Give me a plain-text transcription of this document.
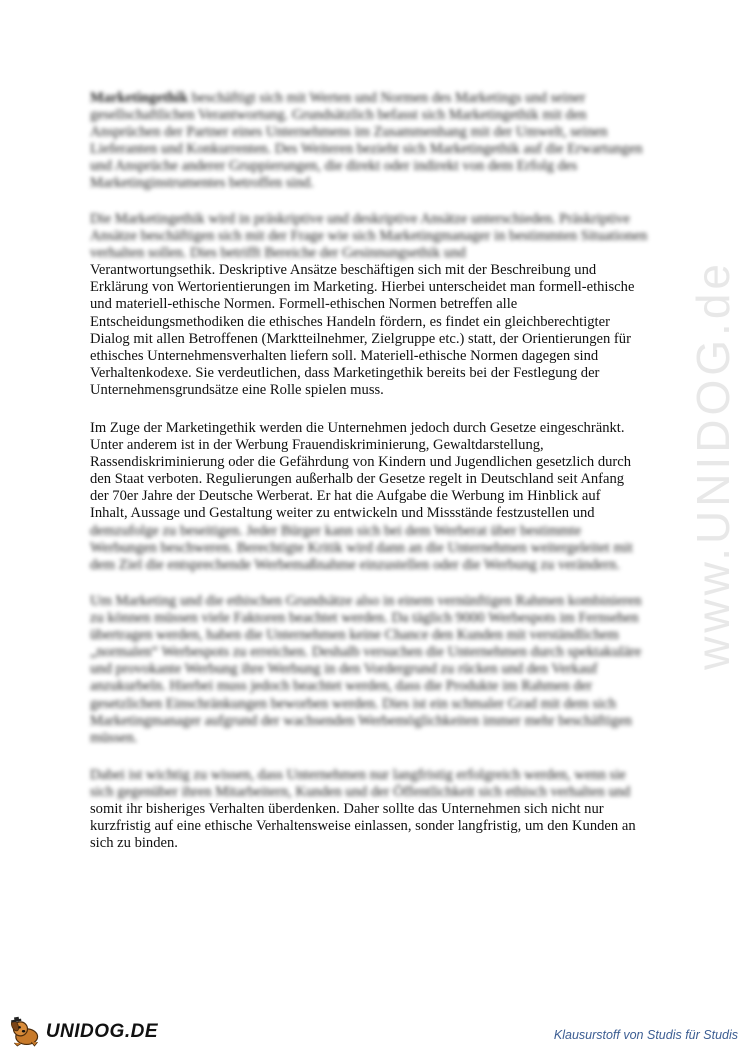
Marketingethik beschäftigt sich mit Werten und Normen des Marketings und seiner gesellschaftlichen Verantwortung. Grundsätzlich befasst sich Marketingethik mit den Ansprüchen der Partner eines Unternehmens im Zusammenhang mit der Umwelt, seinen Lieferanten und Konkurrenten. Des Weiteren bezieht sich Marketingethik auf die Erwartungen und Ansprüche anderer Gruppierungen, die direkt oder indirekt von dem Erfolg des Marketinginstrumentes betroffen sind.

Die Marketingethik wird in präskriptive und deskriptive Ansätze unterschieden. Präskriptive Ansätze beschäftigen sich mit der Frage wie sich Marketingmanager in bestimmten Situationen verhalten sollen. Dies betrifft Bereiche der Gesinnungsethik und

Verantwortungsethik. Deskriptive Ansätze beschäftigen sich mit der Beschreibung und
Erklärung von Wertorientierungen im Marketing. Hierbei unterscheidet man formell-ethische
und materiell-ethische Normen. Formell-ethischen Normen betreffen alle
Entscheidungsmethodiken die ethisches Handeln fördern, es findet ein gleichberechtigter
Dialog mit allen Betroffenen (Marktteilnehmer, Zielgruppe etc.) statt, der Orientierungen für
ethisches Unternehmensverhalten liefern soll. Materiell-ethische Normen dagegen sind
Verhaltenkodexe. Sie verdeutlichen, dass Marketingethik bereits bei der Festlegung der
Unternehmensgrundsätze eine Rolle spielen muss.
Im Zuge der Marketingethik werden die Unternehmen jedoch durch Gesetze eingeschränkt.
Unter anderem ist in der Werbung Frauendiskriminierung, Gewaltdarstellung,
Rassendiskriminierung oder die Gefährdung von Kindern und Jugendlichen gesetzlich durch
den Staat verboten. Regulierungen außerhalb der Gesetze regelt in Deutschland seit Anfang
der 70er Jahre der Deutsche Werberat. Er hat die Aufgabe die Werbung im Hinblick auf
Inhalt, Aussage und Gestaltung weiter zu entwickeln und Missstände festzustellen und
demzufolge zu beseitigen. Jeder Bürger kann sich bei dem Werberat über bestimmte
Werbungen beschweren. Berechtigte Kritik wird dann an die Unternehmen weitergeleitet mit
dem Ziel die entsprechende Werbemaßnahme einzustellen oder die Werbung zu verändern.

Um Marketing und die ethischen Grundsätze also in einem vernünftigen Rahmen kombinieren zu können müssen viele Faktoren beachtet werden. Da täglich 9000 Werbespots im Fernsehen übertragen werden, haben die Unternehmen keine Chance den Kunden mit verständlichem „normalen“ Werbespots zu erreichen. Deshalb versuchen die Unternehmen durch spektakuläre und provokante Werbung ihre Werbung in den Vordergrund zu rücken und den Verkauf anzukurbeln. Hierbei muss jedoch beachtet werden, dass die Produkte im Rahmen der gesetzlichen Einschränkungen beworben werden. Dies ist ein schmaler Grad mit dem sich Marketingmanager aufgrund der wachsenden Werbemöglichkeiten immer mehr beschäftigen müssen.

Dabei ist wichtig zu wissen, dass Unternehmen nur langfristig erfolgreich werden, wenn sie
sich gegenüber ihren Mitarbeitern, Kunden und der Öffentlichkeit sich ethisch verhalten und
somit ihr bisheriges Verhalten überdenken. Daher sollte das Unternehmen sich nicht nur
kurzfristig auf eine ethische Verhaltensweise einlassen, sonder langfristig, um den Kunden an
sich zu binden.
www.UNIDOG.de
UNIDOG.DE	Klausurstoff von Studis für Studis
